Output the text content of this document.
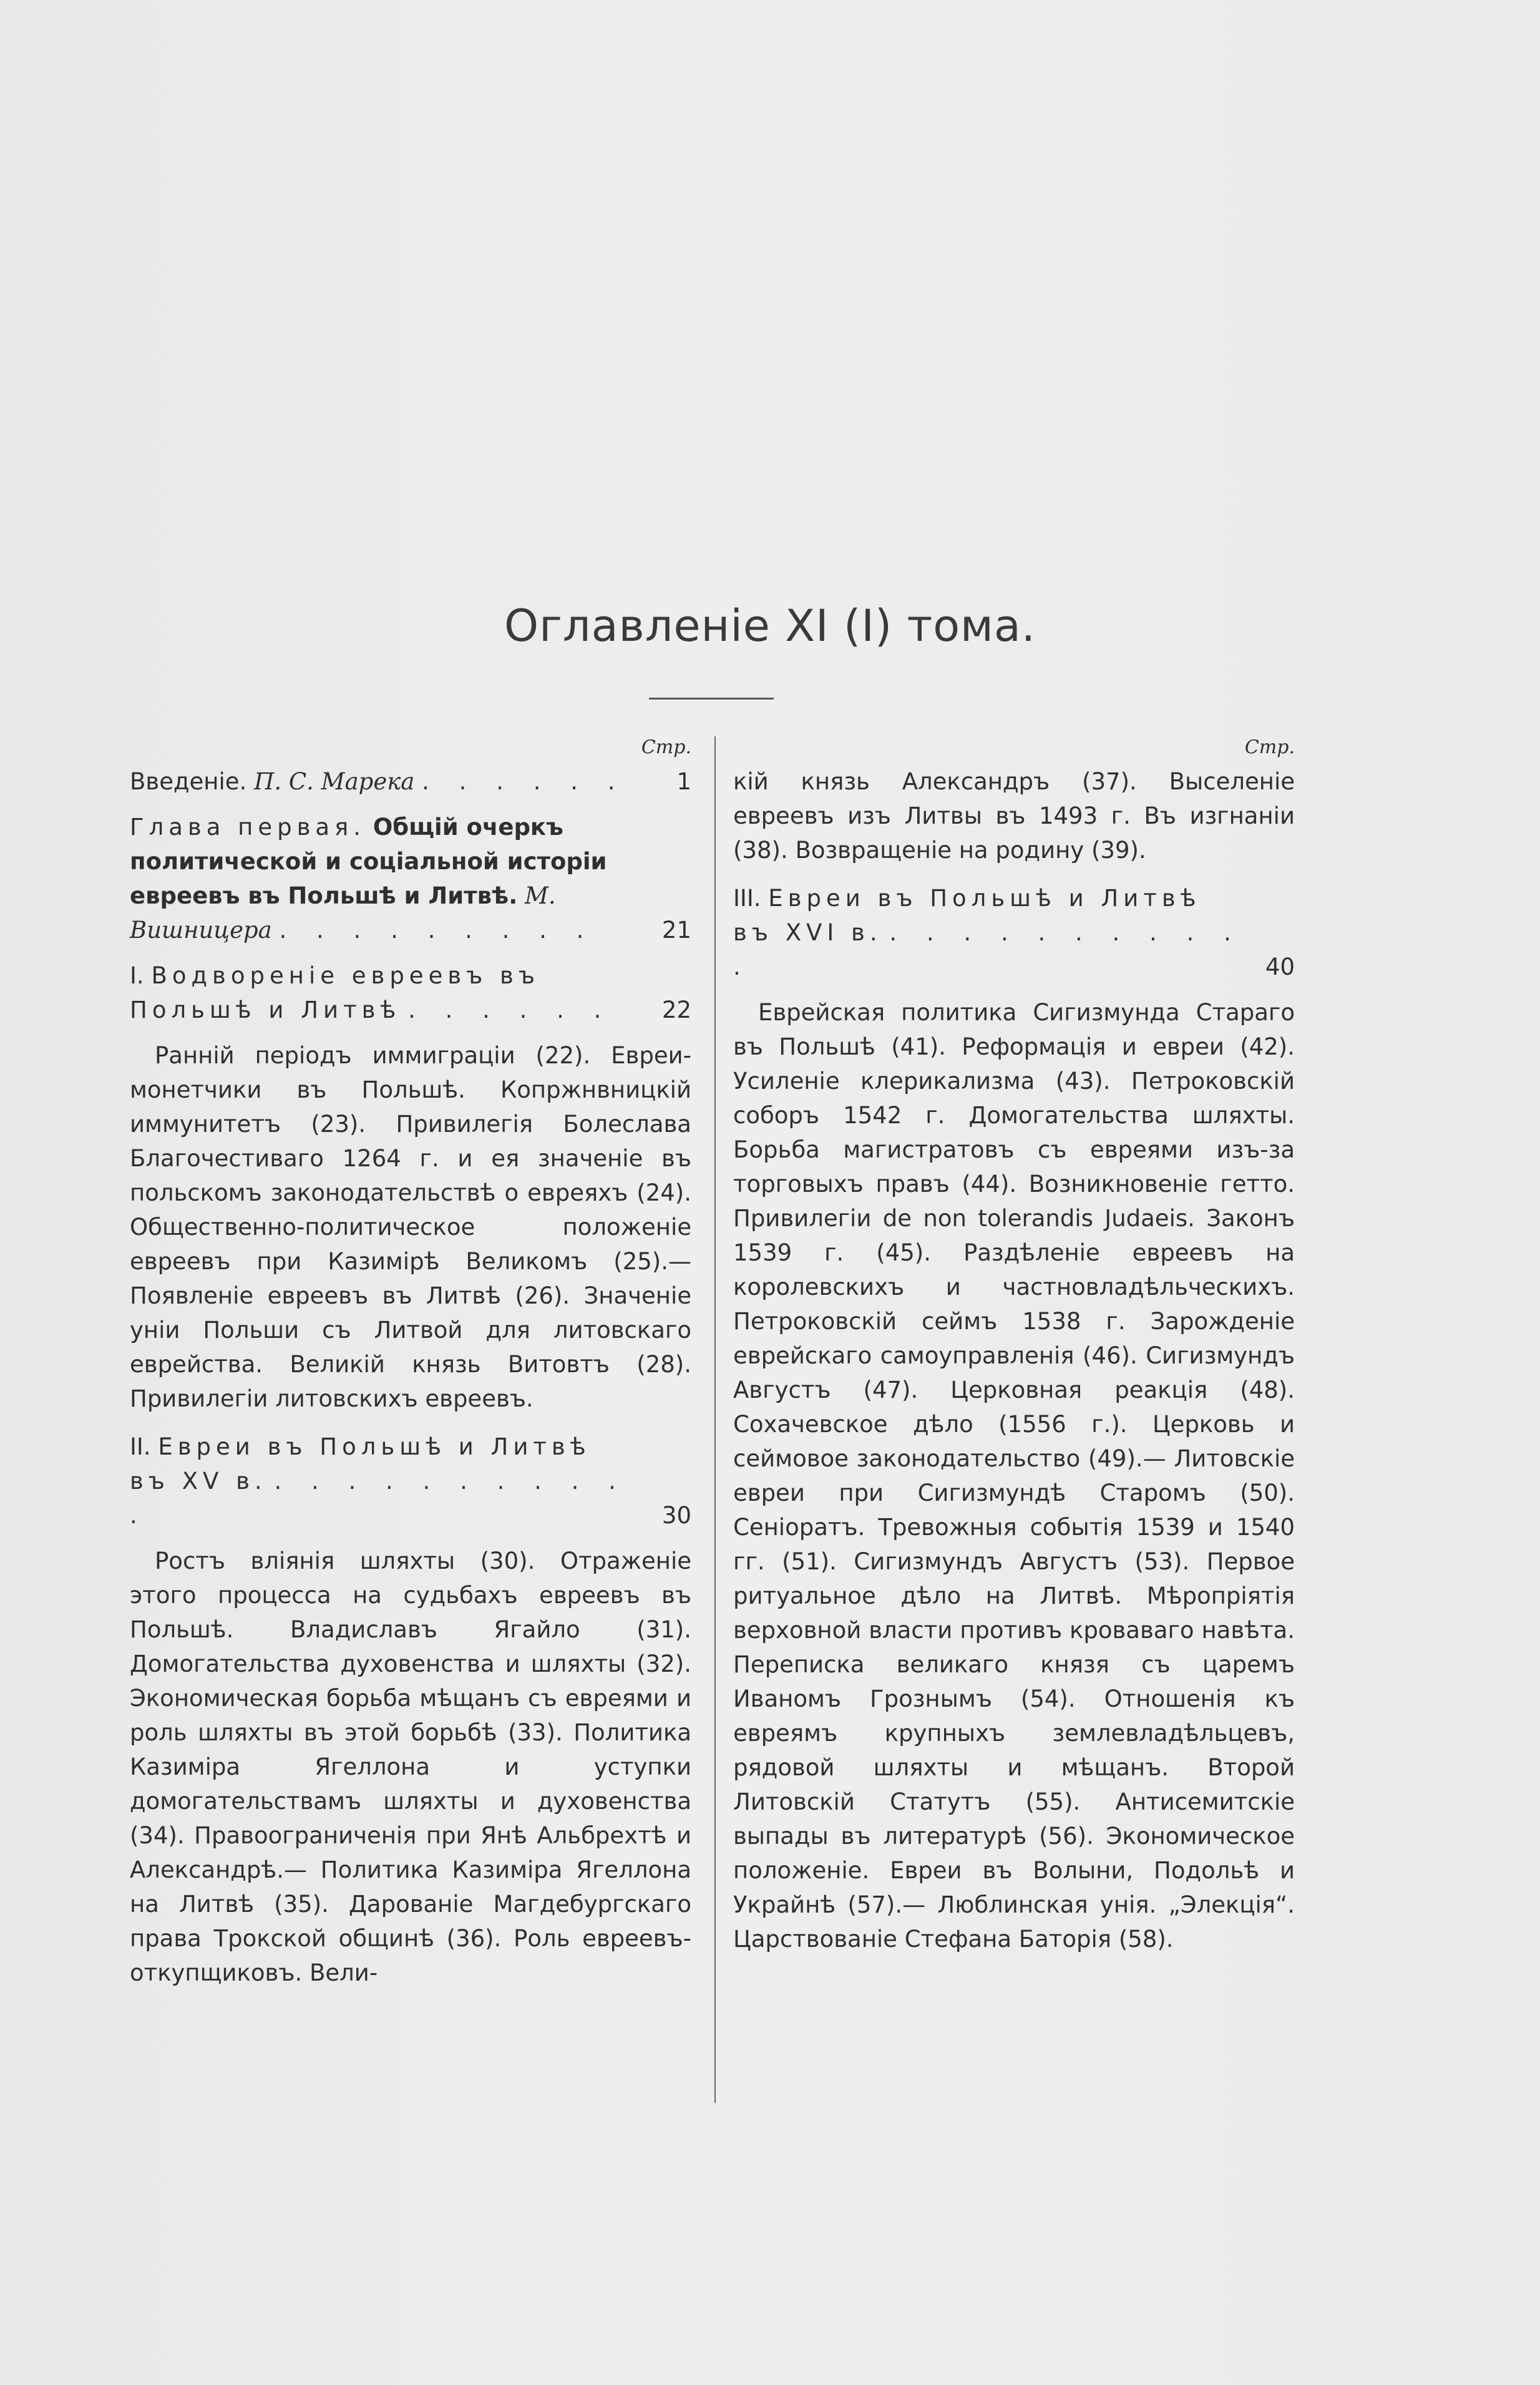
Оглавленіе XI (I) тома.
Стр.
Введеніе. П. С. Марека . . . . . .	1
Глава первая. Общій очеркъ политической и соціальной исторіи евреевъ въ Польшѣ и Литвѣ. М. Вишницера . . . . . . . . .	21
I. Водвореніе евреевъ въ Польшѣ и Литвѣ . . . . . .	22
Ранній періодъ иммиграціи (22). Евреи-монетчики въ Польшѣ. Копржнвницкій иммунитетъ (23). Привилегія Болеслава Благочестиваго 1264 г. и ея значеніе въ польскомъ законодательствѣ о евреяхъ (24). Общественно-политическое положеніе евреевъ при Казимірѣ Великомъ (25).— Появленіе евреевъ въ Литвѣ (26). Значеніе уніи Польши съ Литвой для литовскаго еврейства. Великій князь Витовтъ (28). Привилегіи литовскихъ евреевъ.
II. Евреи въ Польшѣ и Литвѣ въ XV в. . . . . . . . . . . .	30
Ростъ вліянія шляхты (30). Отраженіе этого процесса на судьбахъ евреевъ въ Польшѣ. Владиславъ Ягайло (31). Домогательства духовенства и шляхты (32). Экономическая борьба мѣщанъ съ евреями и роль шляхты въ этой борьбѣ (33). Политика Казиміра Ягеллона и уступки домогательствамъ шляхты и духовенства (34). Правоограниченія при Янѣ Альбрехтѣ и Александрѣ.— Политика Казиміра Ягеллона на Литвѣ (35). Дарованіе Магдебургскаго права Трокской общинѣ (36). Роль евреевъ-откупщиковъ. Вели-
Стр.
кій князь Александръ (37). Выселеніе евреевъ изъ Литвы въ 1493 г. Въ изгнаніи (38). Возвращеніе на родину (39).
III. Евреи въ Польшѣ и Литвѣ въ XVI в. . . . . . . . . . . .	40
Еврейская политика Сигизмунда Стараго въ Польшѣ (41). Реформація и евреи (42). Усиленіе клерикализма (43). Петроковскій соборъ 1542 г. Домогательства шляхты. Борьба магистратовъ съ евреями изъ-за торговыхъ правъ (44). Возникновеніе гетто. Привилегіи de non tolerandis Judaeis. Законъ 1539 г. (45). Раздѣленіе евреевъ на королевскихъ и частновладѣльческихъ. Петроковскій сеймъ 1538 г. Зарожденіе еврейскаго самоуправленія (46). Сигизмундъ Августъ (47). Церковная реакція (48). Сохачевское дѣло (1556 г.). Церковь и сеймовое законодательство (49).— Литовскіе евреи при Сигизмундѣ Старомъ (50). Сеніоратъ. Тревожныя событія 1539 и 1540 гг. (51). Сигизмундъ Августъ (53). Первое ритуальное дѣло на Литвѣ. Мѣропріятія верховной власти противъ кроваваго навѣта. Переписка великаго князя съ царемъ Иваномъ Грознымъ (54). Отношенія къ евреямъ крупныхъ землевладѣльцевъ, рядовой шляхты и мѣщанъ. Второй Литовскій Статутъ (55). Антисемитскіе выпады въ литературѣ (56). Экономическое положеніе. Евреи въ Волыни, Подольѣ и Украйнѣ (57).— Люблинская унія. „Элекція“. Царствованіе Стефана Баторія (58).
